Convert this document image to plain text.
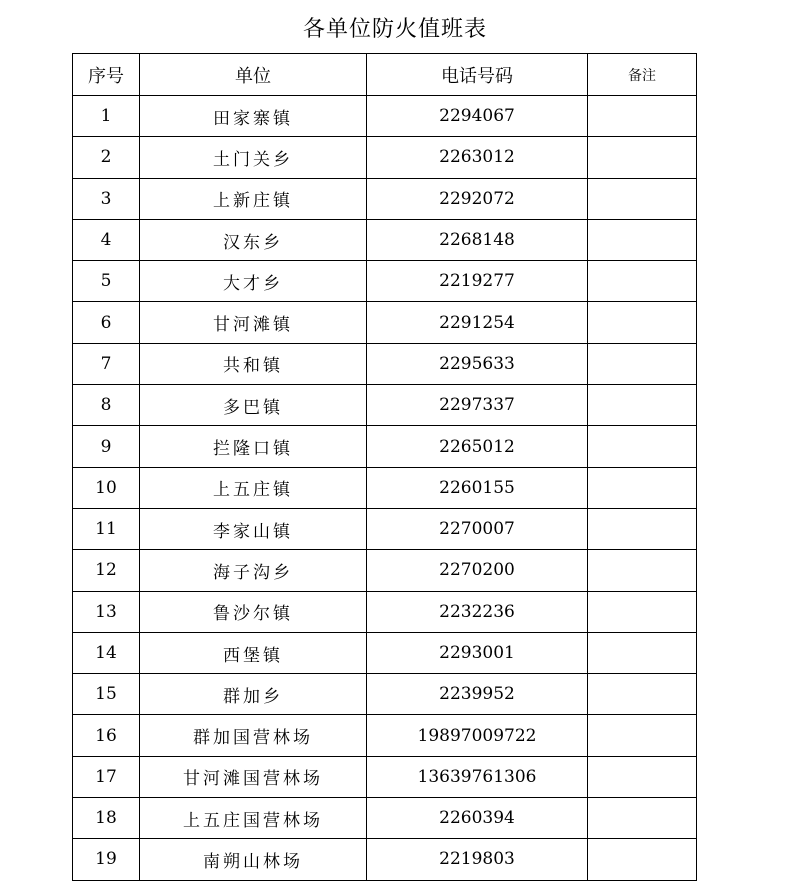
各单位防火值班表
序号	单位	电话号码	备注
1	田家寨镇	2294067	
2	土门关乡	2263012	
3	上新庄镇	2292072	
4	汉东乡	2268148	
5	大才乡	2219277	
6	甘河滩镇	2291254	
7	共和镇	2295633	
8	多巴镇	2297337	
9	拦隆口镇	2265012	
10	上五庄镇	2260155	
11	李家山镇	2270007	
12	海子沟乡	2270200	
13	鲁沙尔镇	2232236	
14	西堡镇	2293001	
15	群加乡	2239952	
16	群加国营林场	19897009722	
17	甘河滩国营林场	13639761306	
18	上五庄国营林场	2260394	
19	南朔山林场	2219803	
